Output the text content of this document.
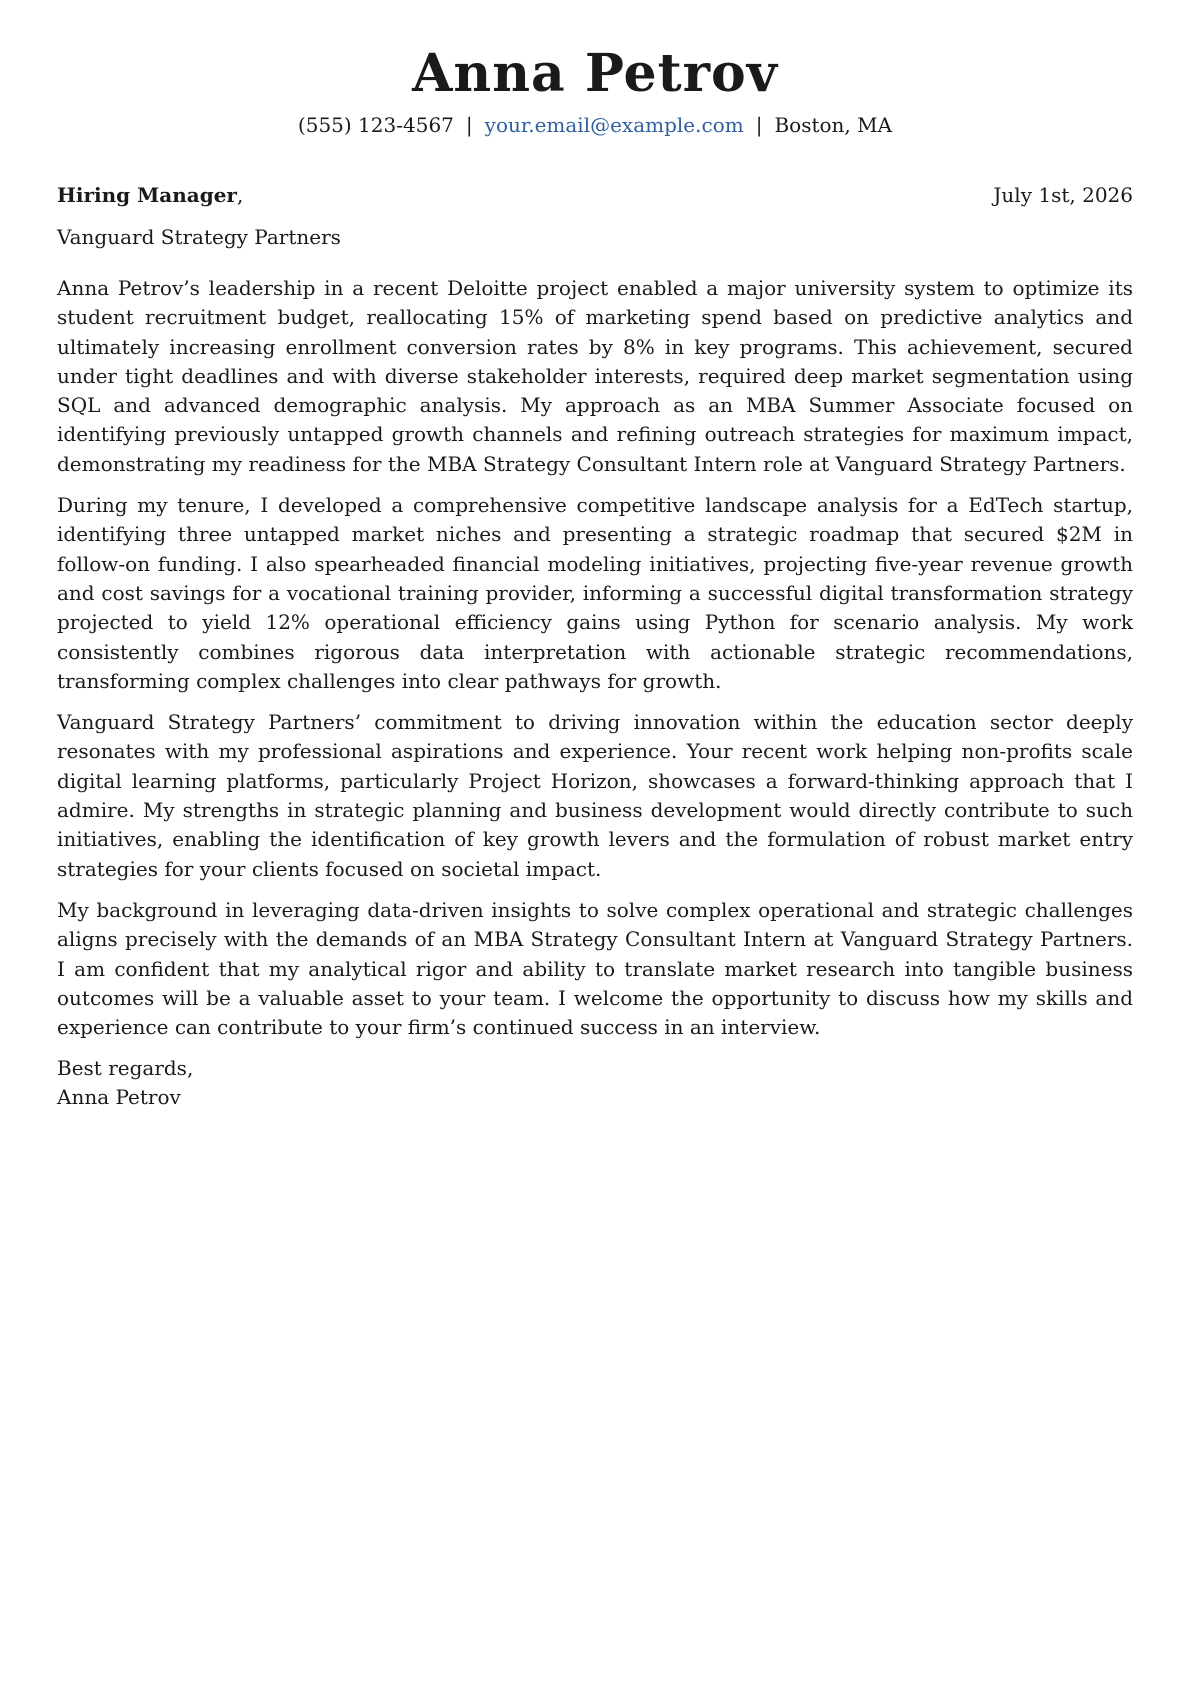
Anna Petrov
(555) 123-4567 | your.email@example.com | Boston, MA
Hiring Manager,	July 1st, 2026
Vanguard Strategy Partners

Anna Petrov’s leadership in a recent Deloitte project enabled a major university system to optimize its student recruitment budget, reallocating 15% of marketing spend based on predictive analytics and ultimately increasing enrollment conversion rates by 8% in key programs. This achievement, secured under tight deadlines and with diverse stakeholder interests, required deep market segmentation using SQL and advanced demographic analysis. My approach as an MBA Summer Associate focused on identifying previously untapped growth channels and refining outreach strategies for maximum impact, demonstrating my readiness for the MBA Strategy Consultant Intern role at Vanguard Strategy Partners.

During my tenure, I developed a comprehensive competitive landscape analysis for a EdTech startup, identifying three untapped market niches and presenting a strategic roadmap that secured $2M in follow-on funding. I also spearheaded financial modeling initiatives, projecting five-year revenue growth and cost savings for a vocational training provider, informing a successful digital transformation strategy projected to yield 12% operational efficiency gains using Python for scenario analysis. My work consistently combines rigorous data interpretation with actionable strategic recommendations, transforming complex challenges into clear pathways for growth.

Vanguard Strategy Partners’ commitment to driving innovation within the education sector deeply resonates with my professional aspirations and experience. Your recent work helping non-profits scale digital learning platforms, particularly Project Horizon, showcases a forward-thinking approach that I admire. My strengths in strategic planning and business development would directly contribute to such initiatives, enabling the identification of key growth levers and the formulation of robust market entry strategies for your clients focused on societal impact.

My background in leveraging data-driven insights to solve complex operational and strategic challenges aligns precisely with the demands of an MBA Strategy Consultant Intern at Vanguard Strategy Partners. I am confident that my analytical rigor and ability to translate market research into tangible business outcomes will be a valuable asset to your team. I welcome the opportunity to discuss how my skills and experience can contribute to your firm’s continued success in an interview.

Best regards,
Anna Petrov
